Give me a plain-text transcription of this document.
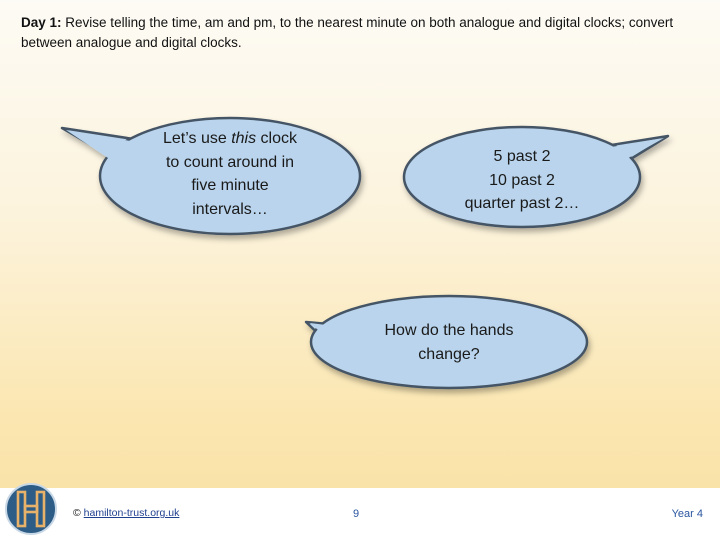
Day 1: Revise telling the time, am and pm, to the nearest minute on both analogue and digital clocks; convert between analogue and digital clocks.
Let’s use this clock
to count around in
five minute
intervals…
5 past 2
10 past 2
quarter past 2…
How do the hands
change?
© hamilton-trust.org.uk	9	Year 4
